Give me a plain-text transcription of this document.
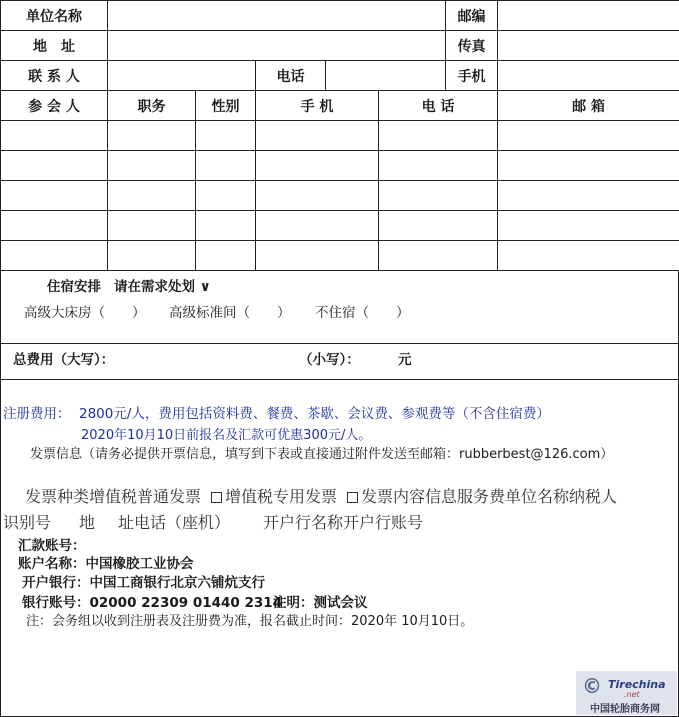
单位名称						邮编	
地　址						传真	
联 系 人			电话			手机	
参 会 人	职务	性别	手 机		电 话		邮 箱

住宿安排 请在需求处划 ∨
高级大床房（　　） 高级标准间（　　） 不住宿（　　）
总费用（大写）：	（小写）：	元
注册费用： 2800元/人，费用包括资料费、餐费、茶歇、会议费、参观费等（不含住宿费）
2020年10月10日前报名及汇款可优惠300元/人。
发票信息（请务必提供开票信息，填写到下表或直接通过附件发送至邮箱：rubberbest@126.com）
发票种类增值税普通发票 增值税专用发票 发票内容信息服务费单位名称纳税人
识别号 地 址电话（座机） 开户行名称开户行账号
汇款账号：
账户名称：中国橡胶工业协会
开户银行：中国工商银行北京六铺炕支行
银行账号：02000 22309 01440 2314
注明：测试会议
注：会务组以收到注册表及注册费为准，报名截止时间：2020年 10月10日。
© Tirechina
.net
中国轮胎商务网
